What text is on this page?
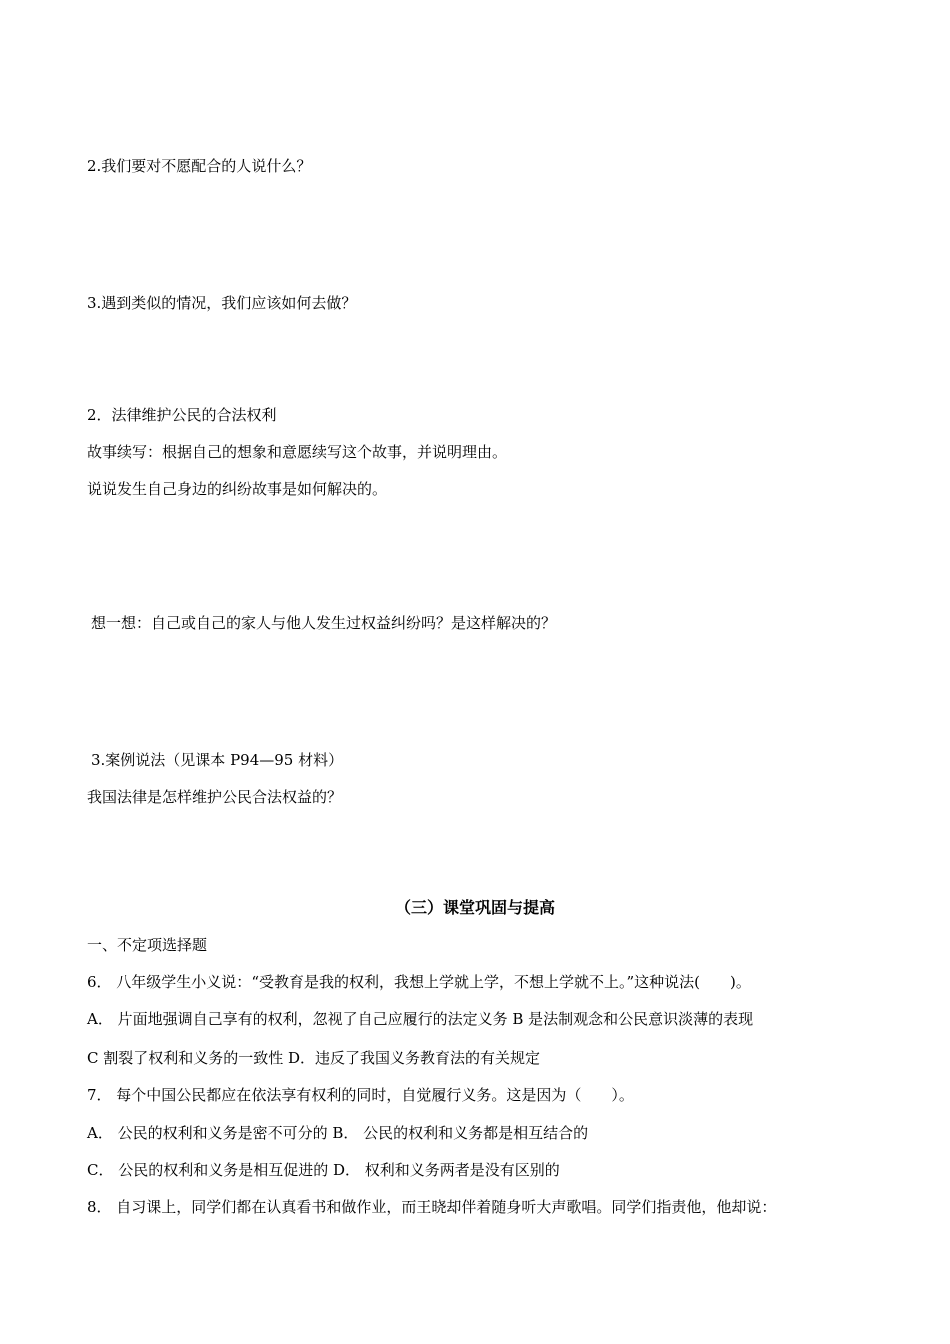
2.我们要对不愿配合的人说什么？
3.遇到类似的情况，我们应该如何去做？
2．法律维护公民的合法权利
故事续写：根据自己的想象和意愿续写这个故事，并说明理由。
说说发生自己身边的纠纷故事是如何解决的。
想一想：自己或自己的家人与他人发生过权益纠纷吗？是这样解决的？
3.案例说法（见课本 P94—95 材料）
我国法律是怎样维护公民合法权益的？
（三）课堂巩固与提高
一、不定项选择题
6． 八年级学生小义说：“受教育是我的权利，我想上学就上学，不想上学就不上。”这种说法(　　)。
A． 片面地强调自己享有的权利，忽视了自己应履行的法定义务 B 是法制观念和公民意识淡薄的表现
C 割裂了权利和义务的一致性 D．违反了我国义务教育法的有关规定
7． 每个中国公民都应在依法享有权利的同时，自觉履行义务。这是因为（　　）。
A． 公民的权利和义务是密不可分的 B． 公民的权利和义务都是相互结合的
C． 公民的权利和义务是相互促进的 D． 权利和义务两者是没有区别的
8． 自习课上，同学们都在认真看书和做作业，而王晓却伴着随身听大声歌唱。同学们指责他，他却说：
